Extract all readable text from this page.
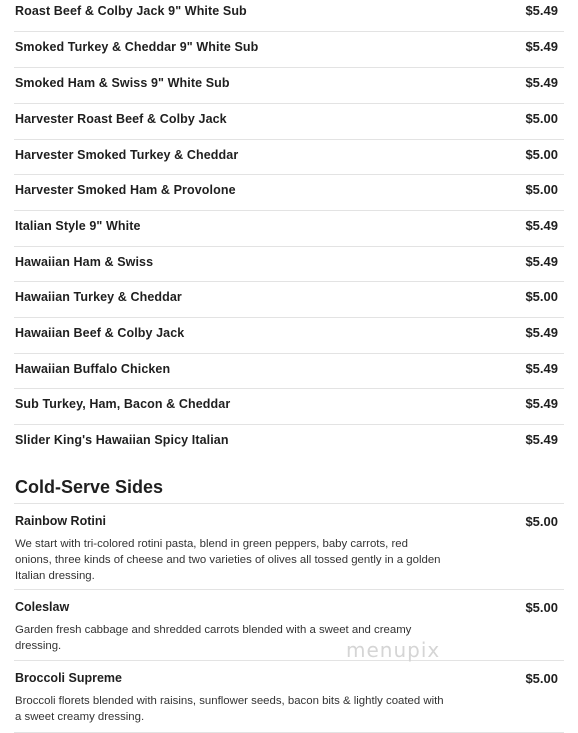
Roast Beef & Colby Jack 9" White Sub	$5.49
Smoked Turkey & Cheddar 9" White Sub	$5.49
Smoked Ham & Swiss 9" White Sub	$5.49
Harvester Roast Beef & Colby Jack	$5.00
Harvester Smoked Turkey & Cheddar	$5.00
Harvester Smoked Ham & Provolone	$5.00
Italian Style 9" White	$5.49
Hawaiian Ham & Swiss	$5.49
Hawaiian Turkey & Cheddar	$5.00
Hawaiian Beef & Colby Jack	$5.49
Hawaiian Buffalo Chicken	$5.49
Sub Turkey, Ham, Bacon & Cheddar	$5.49
Slider King's Hawaiian Spicy Italian	$5.49
Cold-Serve Sides
Rainbow Rotini	$5.00
We start with tri-colored rotini pasta, blend in green peppers, baby carrots, red onions, three kinds of cheese and two varieties of olives all tossed gently in a golden Italian dressing.
Coleslaw	$5.00
Garden fresh cabbage and shredded carrots blended with a sweet and creamy dressing.
Broccoli Supreme	$5.00
Broccoli florets blended with raisins, sunflower seeds, bacon bits & lightly coated with a sweet creamy dressing.
menupix
